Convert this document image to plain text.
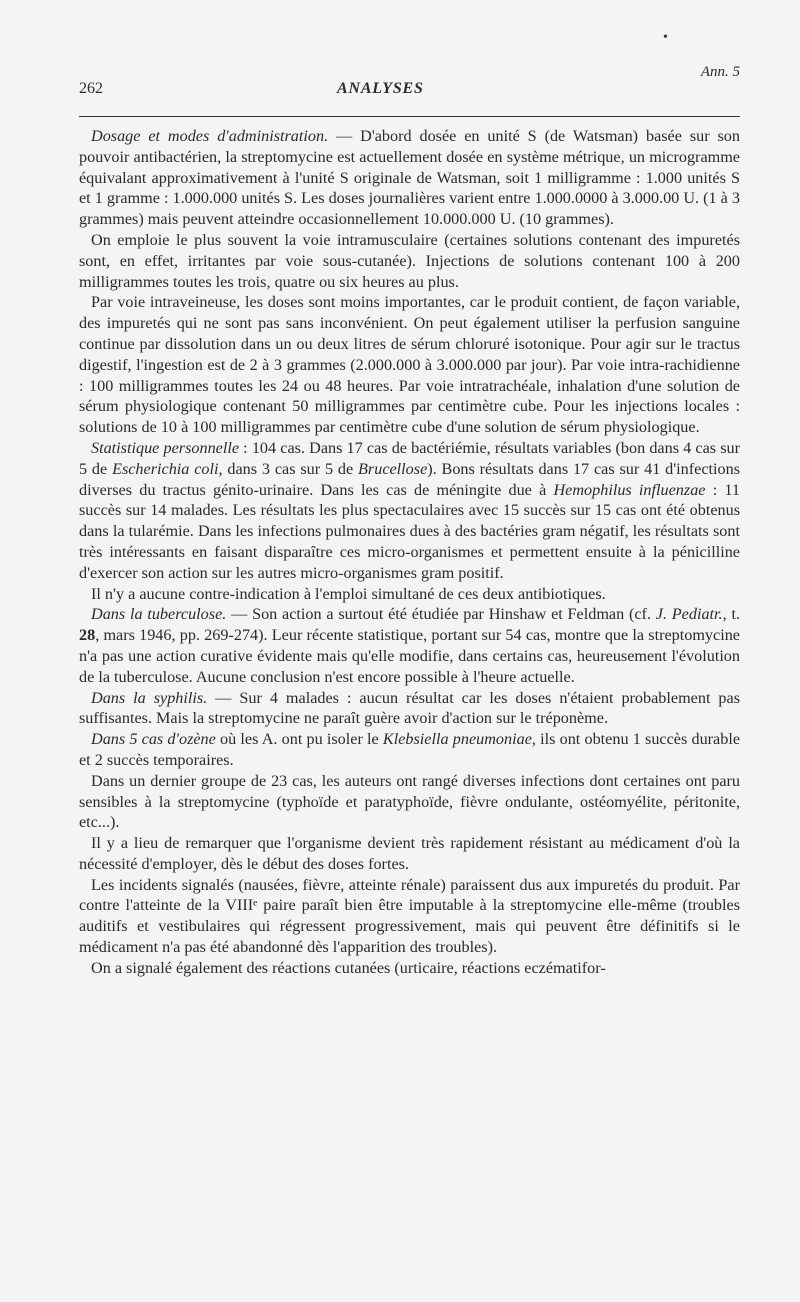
•
262	ANALYSES
Ann. 5

Dosage et modes d'administration. — D'abord dosée en unité S (de Watsman) basée sur son pouvoir antibactérien, la streptomycine est actuellement dosée en système métrique, un microgramme équivalant approximativement à l'unité S originale de Watsman, soit 1 milligramme : 1.000 unités S et 1 gramme : 1.000.000 unités S. Les doses journalières varient entre 1.000.0000 à 3.000.00 U. (1 à 3 grammes) mais peuvent atteindre occasionnellement 10.000.000 U. (10 grammes).

On emploie le plus souvent la voie intramusculaire (certaines solutions contenant des impuretés sont, en effet, irritantes par voie sous-cutanée). Injections de solutions contenant 100 à 200 milligrammes toutes les trois, quatre ou six heures au plus.

Par voie intraveineuse, les doses sont moins importantes, car le produit contient, de façon variable, des impuretés qui ne sont pas sans inconvénient. On peut également utiliser la perfusion sanguine continue par dissolution dans un ou deux litres de sérum chloruré isotonique. Pour agir sur le tractus digestif, l'ingestion est de 2 à 3 grammes (2.000.000 à 3.000.000 par jour). Par voie intra-rachidienne : 100 milligrammes toutes les 24 ou 48 heures. Par voie intratrachéale, inhalation d'une solution de sérum physiologique contenant 50 milligrammes par centimètre cube. Pour les injections locales : solutions de 10 à 100 milligrammes par centimètre cube d'une solution de sérum physiologique.

Statistique personnelle : 104 cas. Dans 17 cas de bactériémie, résultats variables (bon dans 4 cas sur 5 de Escherichia coli, dans 3 cas sur 5 de Brucellose). Bons résultats dans 17 cas sur 41 d'infections diverses du tractus génito-urinaire. Dans les cas de méningite due à Hemophilus influenzae : 11 succès sur 14 malades. Les résultats les plus spectaculaires avec 15 succès sur 15 cas ont été obtenus dans la tularémie. Dans les infections pulmonaires dues à des bactéries gram négatif, les résultats sont très intéressants en faisant disparaître ces micro-organismes et permettent ensuite à la pénicilline d'exercer son action sur les autres micro-organismes gram positif.

Il n'y a aucune contre-indication à l'emploi simultané de ces deux antibiotiques.

Dans la tuberculose. — Son action a surtout été étudiée par Hinshaw et Feldman (cf. J. Pediatr., t. 28, mars 1946, pp. 269-274). Leur récente statistique, portant sur 54 cas, montre que la streptomycine n'a pas une action curative évidente mais qu'elle modifie, dans certains cas, heureusement l'évolution de la tuberculose. Aucune conclusion n'est encore possible à l'heure actuelle.

Dans la syphilis. — Sur 4 malades : aucun résultat car les doses n'étaient probablement pas suffisantes. Mais la streptomycine ne paraît guère avoir d'action sur le tréponème.

Dans 5 cas d'ozène où les A. ont pu isoler le Klebsiella pneumoniae, ils ont obtenu 1 succès durable et 2 succès temporaires.

Dans un dernier groupe de 23 cas, les auteurs ont rangé diverses infections dont certaines ont paru sensibles à la streptomycine (typhoïde et paratyphoïde, fièvre ondulante, ostéomyélite, péritonite, etc...).

Il y a lieu de remarquer que l'organisme devient très rapidement résistant au médicament d'où la nécessité d'employer, dès le début des doses fortes.

Les incidents signalés (nausées, fièvre, atteinte rénale) paraissent dus aux impuretés du produit. Par contre l'atteinte de la VIIIᵉ paire paraît bien être imputable à la streptomycine elle-même (troubles auditifs et vestibulaires qui régressent progressivement, mais qui peuvent être définitifs si le médicament n'a pas été abandonné dès l'apparition des troubles).

On a signalé également des réactions cutanées (urticaire, réactions eczématifor-
